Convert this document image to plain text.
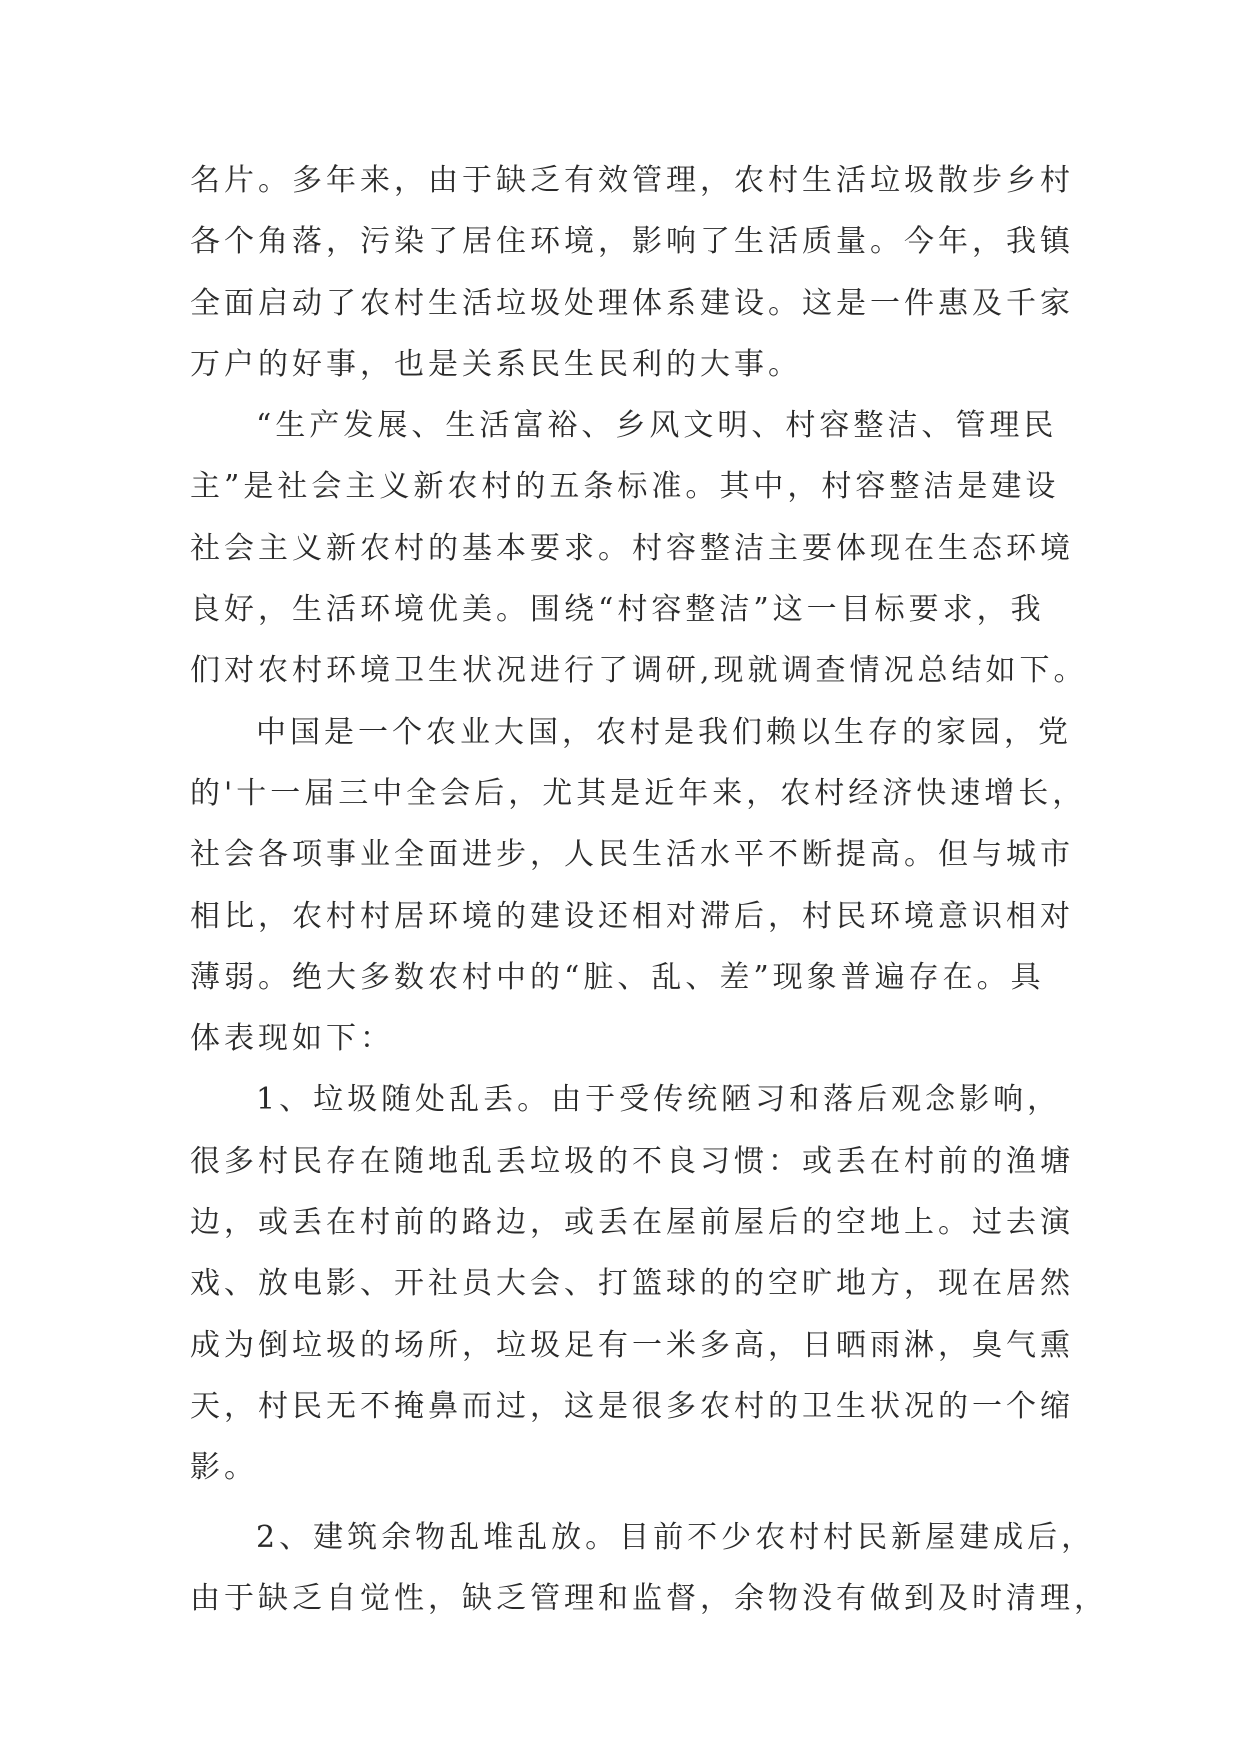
名片。多年来，由于缺乏有效管理，农村生活垃圾散步乡村
各个角落，污染了居住环境，影响了生活质量。今年，我镇
全面启动了农村生活垃圾处理体系建设。这是一件惠及千家
万户的好事，也是关系民生民利的大事。
“生产发展、生活富裕、乡风文明、村容整洁、管理民
主”是社会主义新农村的五条标准。其中，村容整洁是建设
社会主义新农村的基本要求。村容整洁主要体现在生态环境
良好，生活环境优美。围绕“村容整洁”这一目标要求，我
们对农村环境卫生状况进行了调研,现就调查情况总结如下。
中国是一个农业大国，农村是我们赖以生存的家园，党
的'十一届三中全会后，尤其是近年来，农村经济快速增长，
社会各项事业全面进步，人民生活水平不断提高。但与城市
相比，农村村居环境的建设还相对滞后，村民环境意识相对
薄弱。绝大多数农村中的“脏、乱、差”现象普遍存在。具
体表现如下：
1、垃圾随处乱丢。由于受传统陋习和落后观念影响，
很多村民存在随地乱丢垃圾的不良习惯：或丢在村前的渔塘
边，或丢在村前的路边，或丢在屋前屋后的空地上。过去演
戏、放电影、开社员大会、打篮球的的空旷地方，现在居然
成为倒垃圾的场所，垃圾足有一米多高，日晒雨淋，臭气熏
天，村民无不掩鼻而过，这是很多农村的卫生状况的一个缩
影。
2、建筑余物乱堆乱放。目前不少农村村民新屋建成后，
由于缺乏自觉性，缺乏管理和监督，余物没有做到及时清理，
